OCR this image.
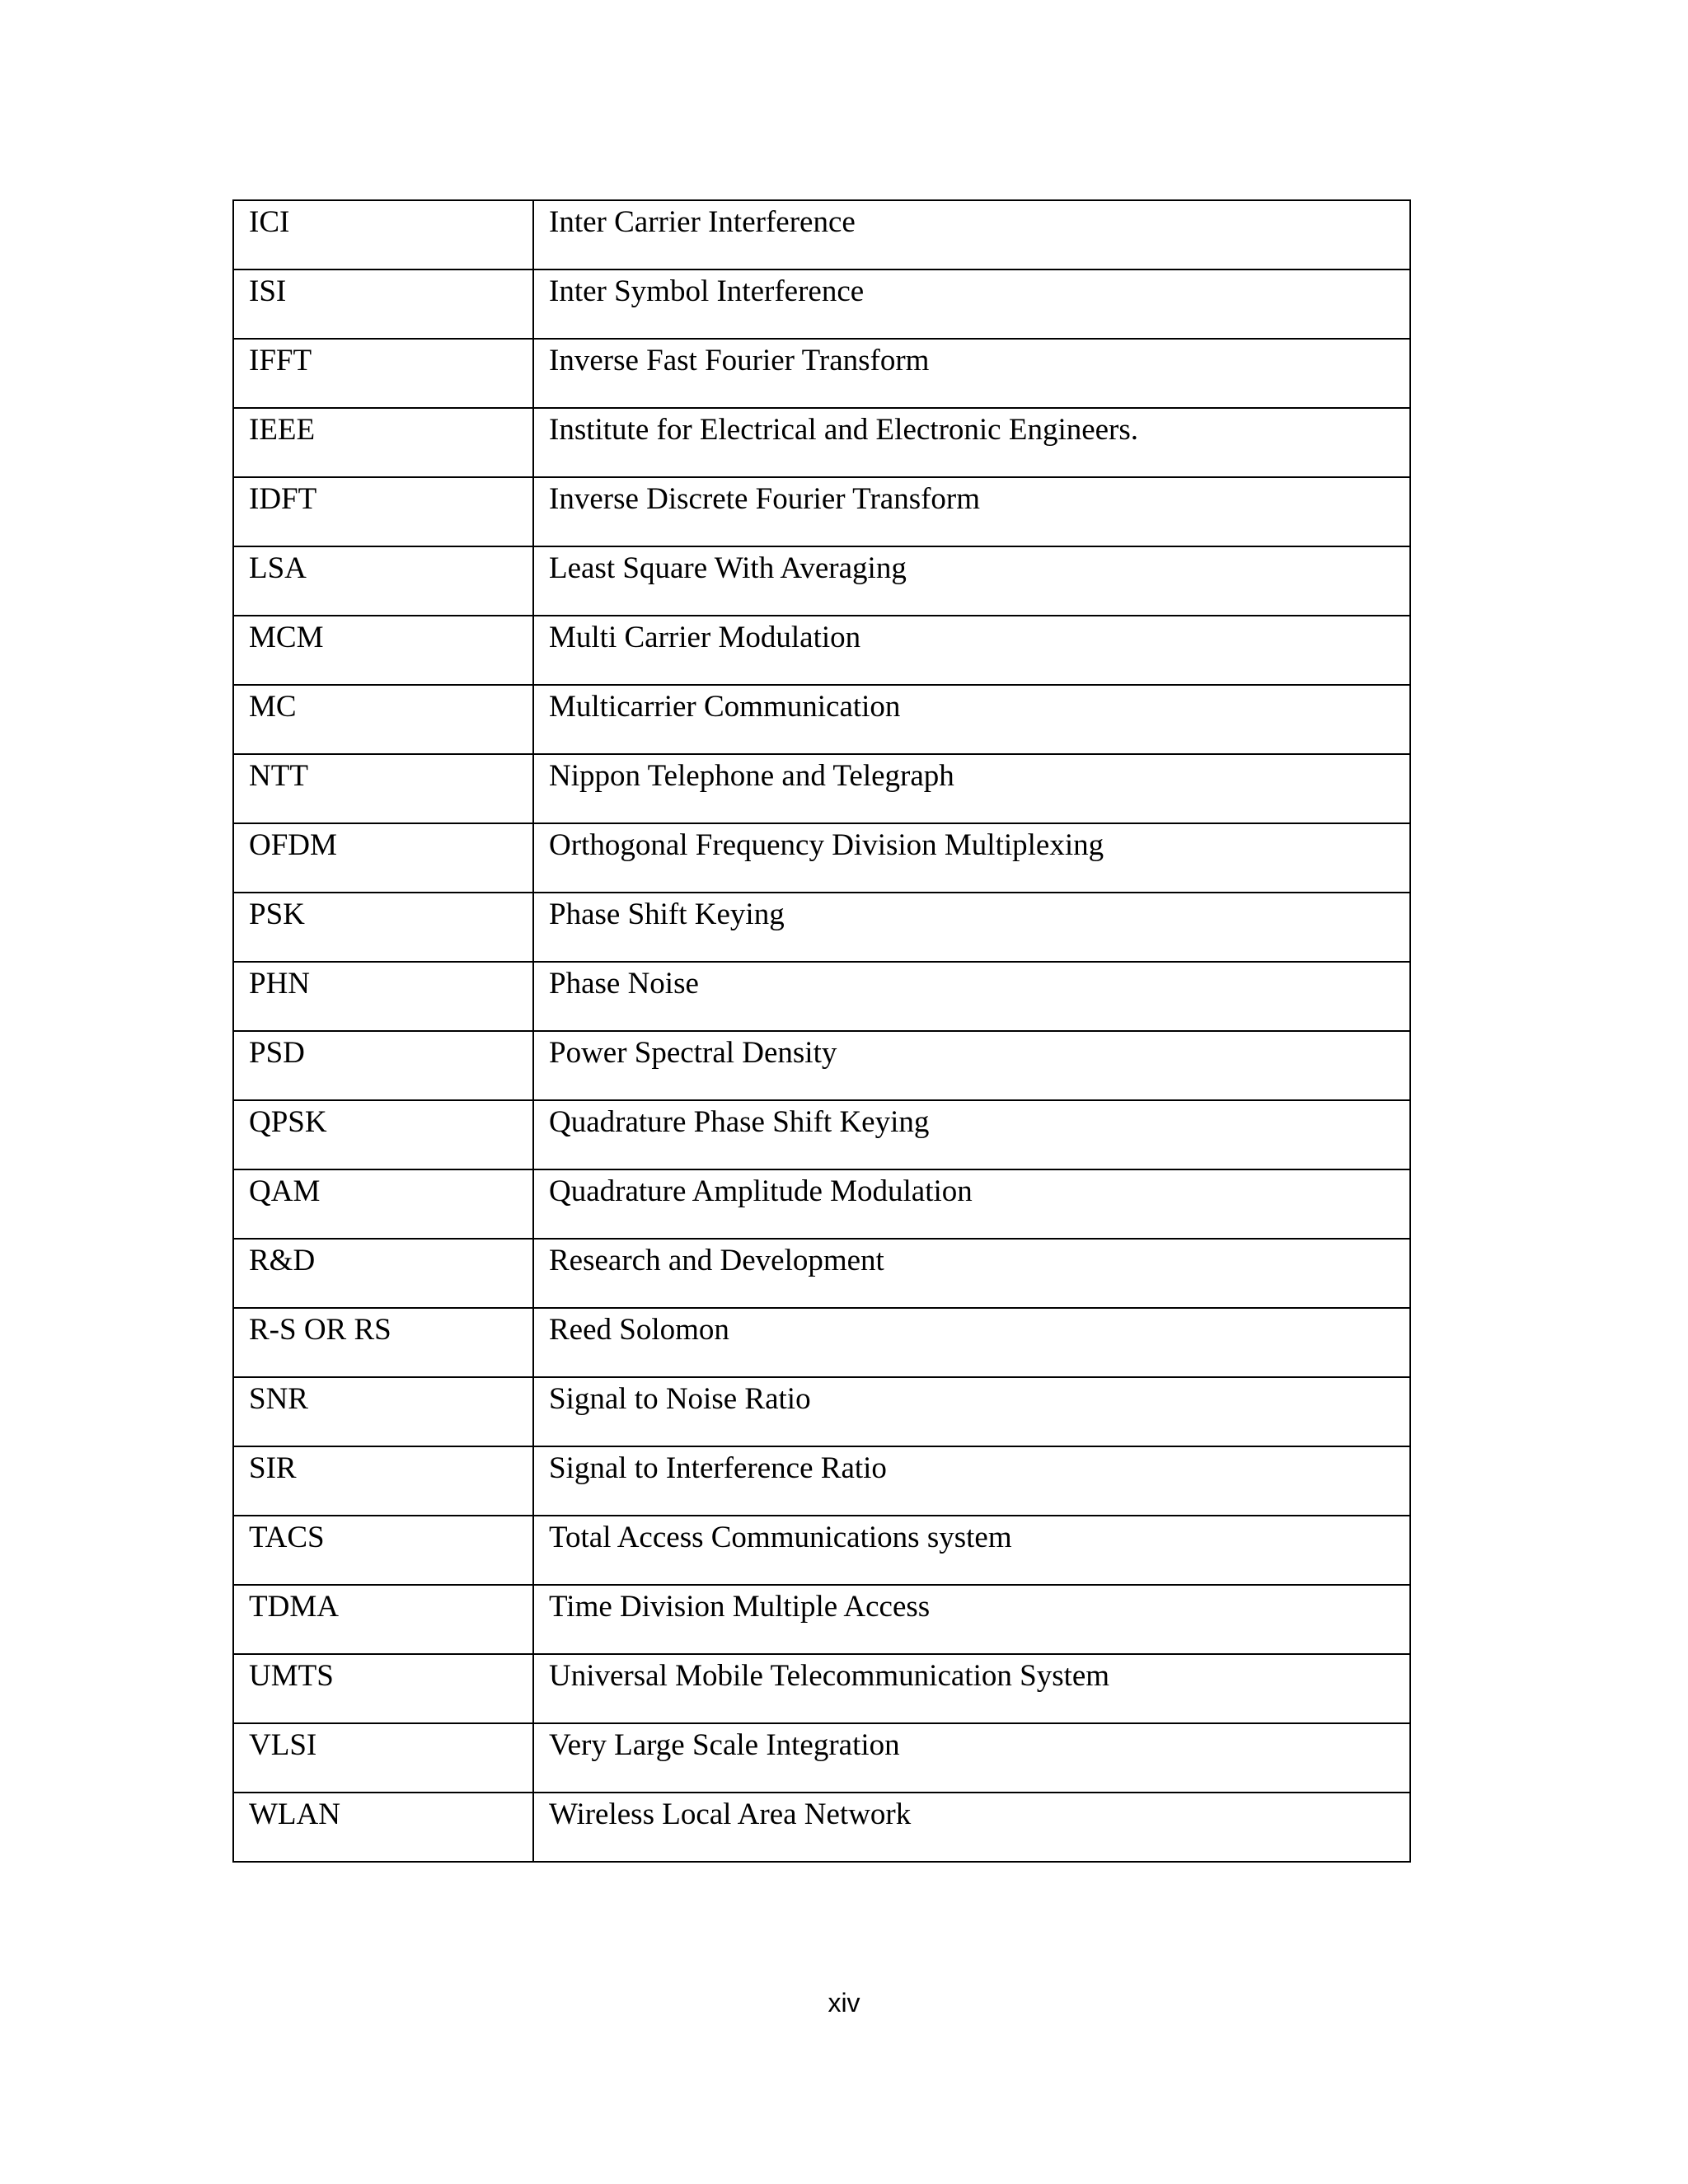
ICI	Inter Carrier Interference
ISI	Inter Symbol Interference
IFFT	Inverse Fast Fourier Transform
IEEE	Institute for Electrical and Electronic Engineers.
IDFT	Inverse Discrete Fourier Transform
LSA	Least Square With Averaging
MCM	Multi Carrier Modulation
MC	Multicarrier Communication
NTT	Nippon Telephone and Telegraph
OFDM	Orthogonal Frequency Division Multiplexing
PSK	Phase Shift Keying
PHN	Phase Noise
PSD	Power Spectral Density
QPSK	Quadrature Phase Shift Keying
QAM	Quadrature Amplitude Modulation
R&D	Research and Development
R-S OR RS	Reed Solomon
SNR	Signal to Noise Ratio
SIR	Signal to Interference Ratio
TACS	Total Access Communications system
TDMA	Time Division Multiple Access
UMTS	Universal Mobile Telecommunication System
VLSI	Very Large Scale Integration
WLAN	Wireless Local Area Network
xiv
